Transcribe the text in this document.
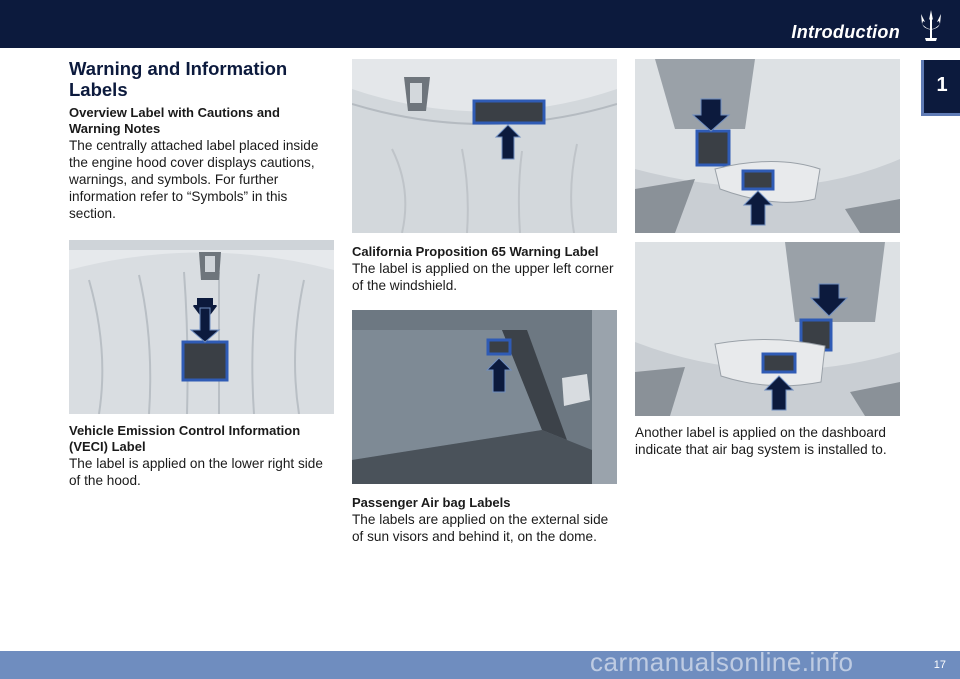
Introduction
1
Warning and Information Labels
Overview Label with Cautions and Warning Notes

The centrally attached label placed inside the engine hood cover displays cautions, warnings, and symbols. For further information refer to “Symbols” in this section.

Vehicle Emission Control Information (VECI) Label

The label is applied on the lower right side of the hood.

California Proposition 65 Warning Label

The label is applied on the upper left corner of the windshield.

Passenger Air bag Labels

The labels are applied on the external side of sun visors and behind it, on the dome.

Another label is applied on the dashboard indicate that air bag system is installed to.

17
carmanualsonline.info
